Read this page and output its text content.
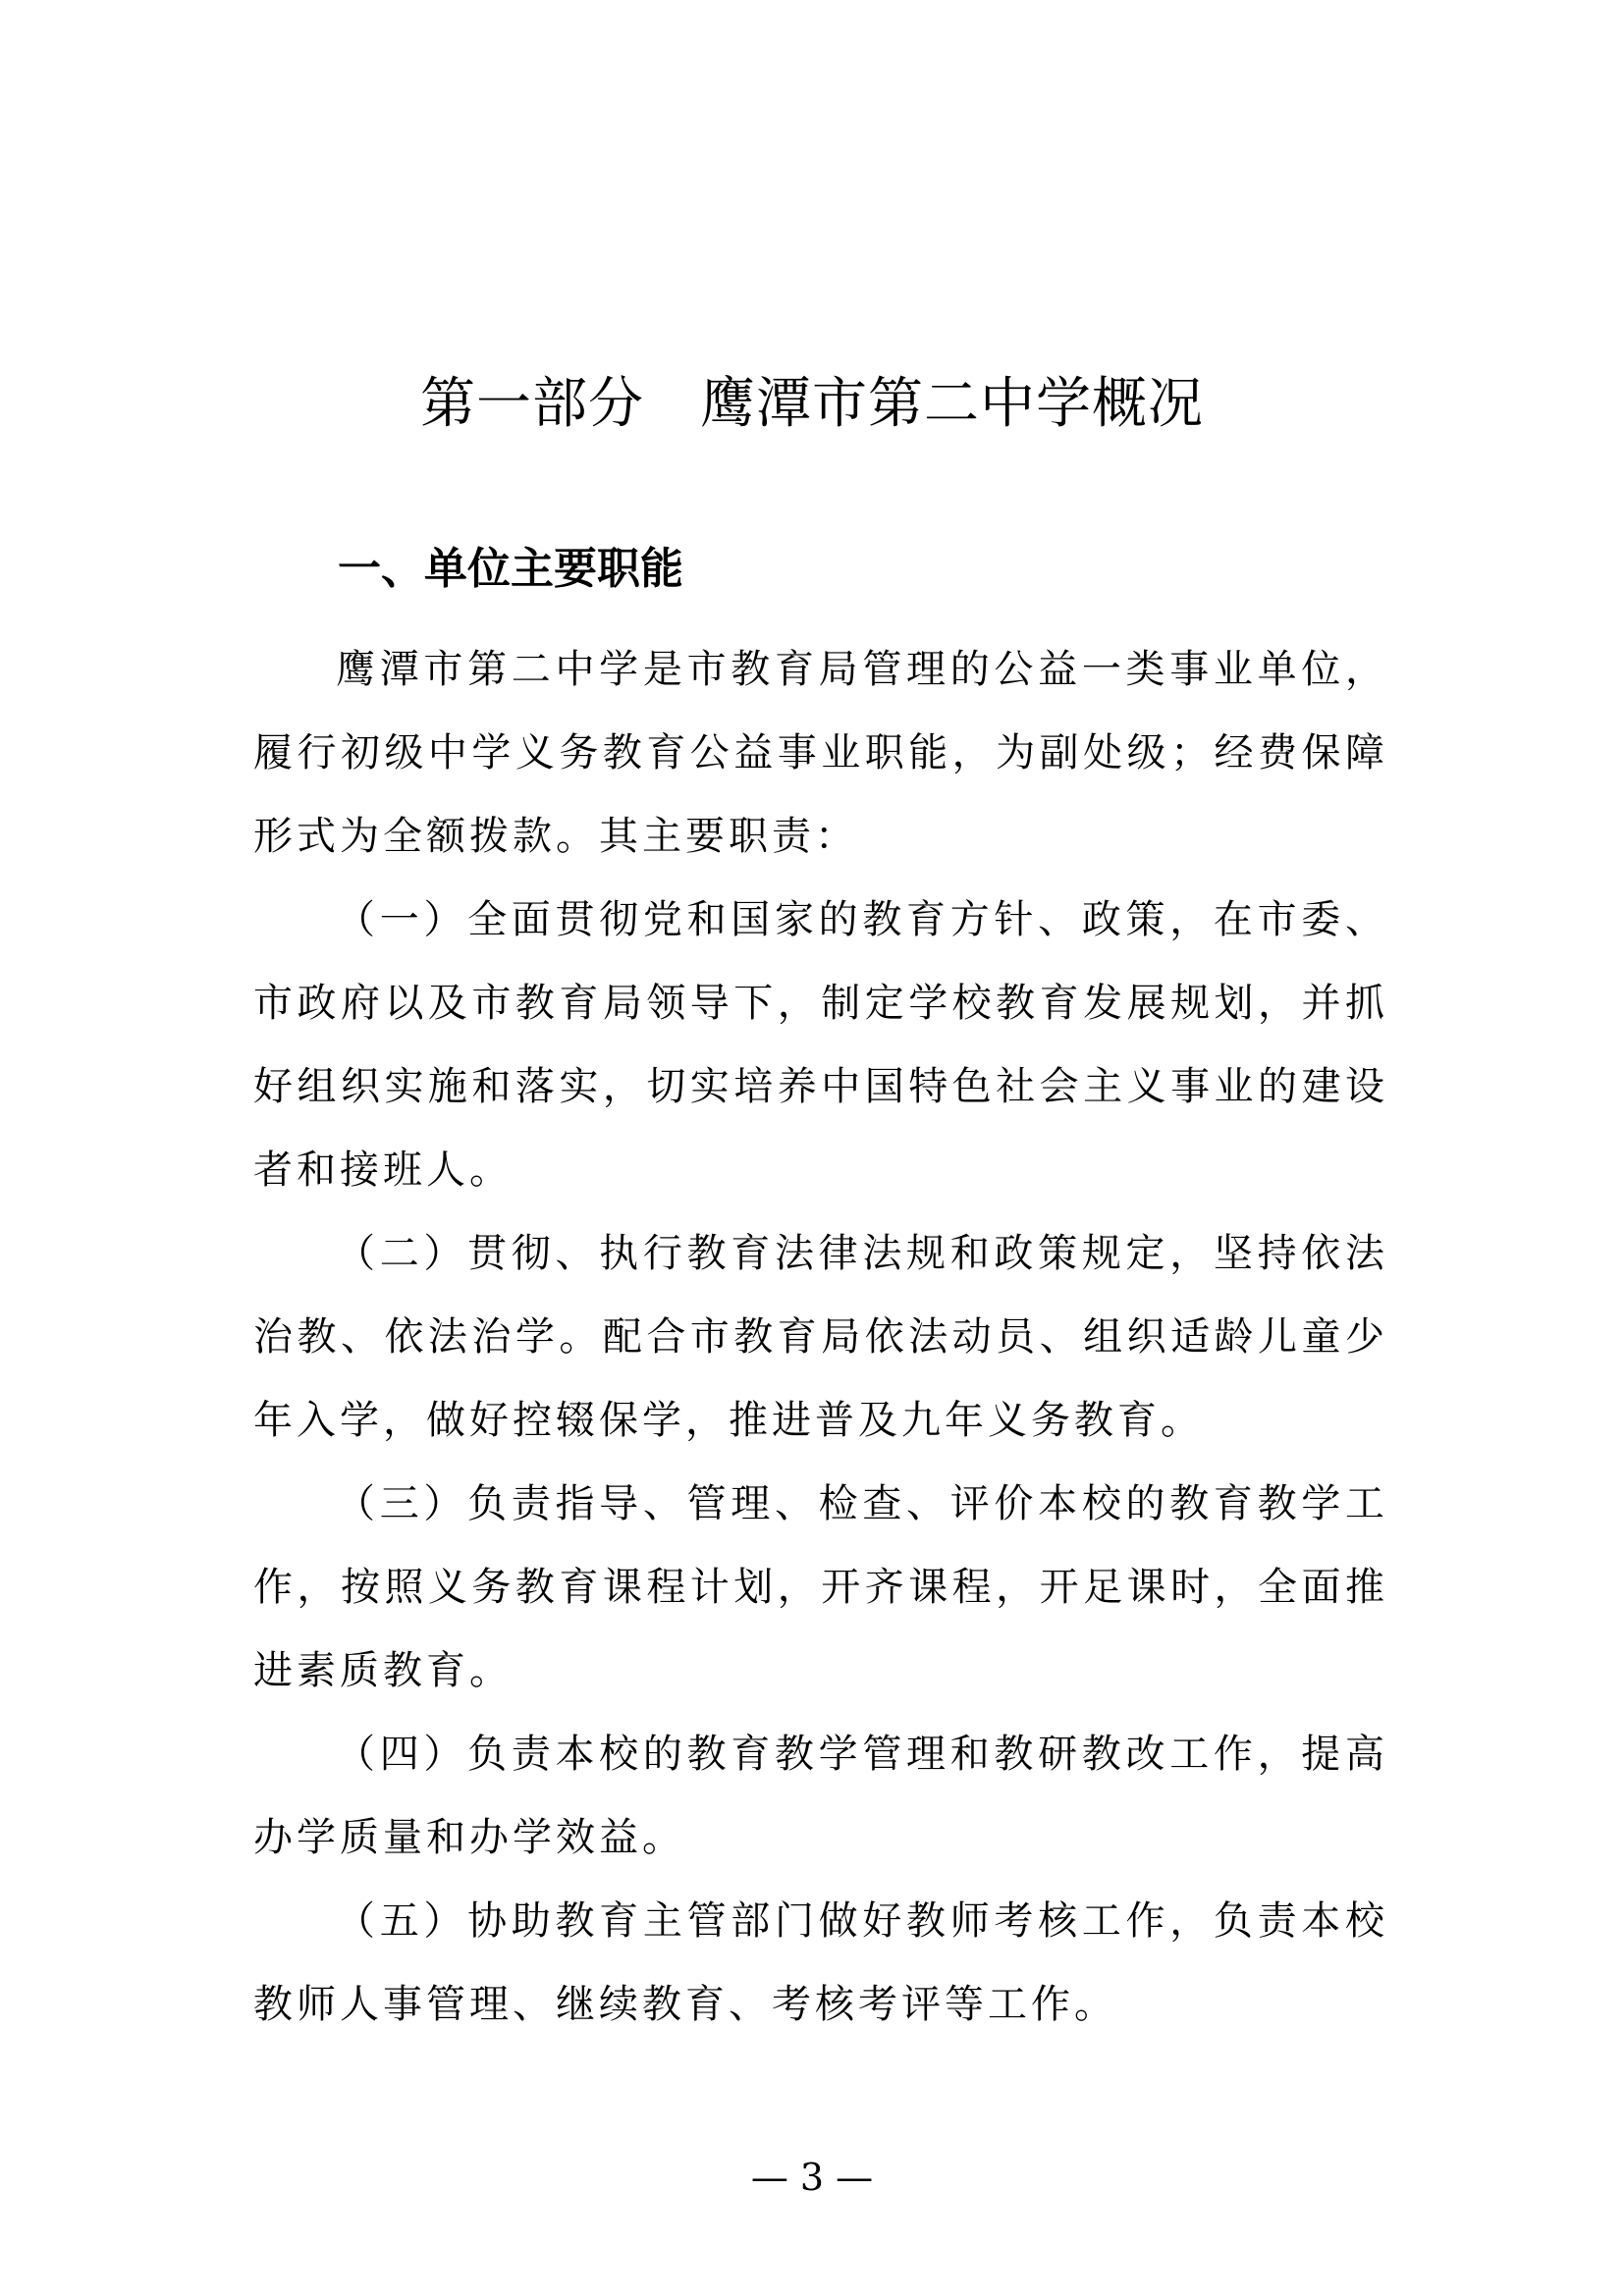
第一部分　鹰潭市第二中学概况
一、单位主要职能

鹰潭市第二中学是市教育局管理的公益一类事业单位，履行初级中学义务教育公益事业职能，为副处级；经费保障形式为全额拨款。其主要职责：

（一）全面贯彻党和国家的教育方针、政策，在市委、市政府以及市教育局领导下，制定学校教育发展规划，并抓好组织实施和落实，切实培养中国特色社会主义事业的建设者和接班人。

（二）贯彻、执行教育法律法规和政策规定，坚持依法治教、依法治学。配合市教育局依法动员、组织适龄儿童少年入学，做好控辍保学，推进普及九年义务教育。

（三）负责指导、管理、检查、评价本校的教育教学工作，按照义务教育课程计划，开齐课程，开足课时，全面推进素质教育。

（四）负责本校的教育教学管理和教研教改工作，提高办学质量和办学效益。

（五）协助教育主管部门做好教师考核工作，负责本校教师人事管理、继续教育、考核考评等工作。

— 3 —
